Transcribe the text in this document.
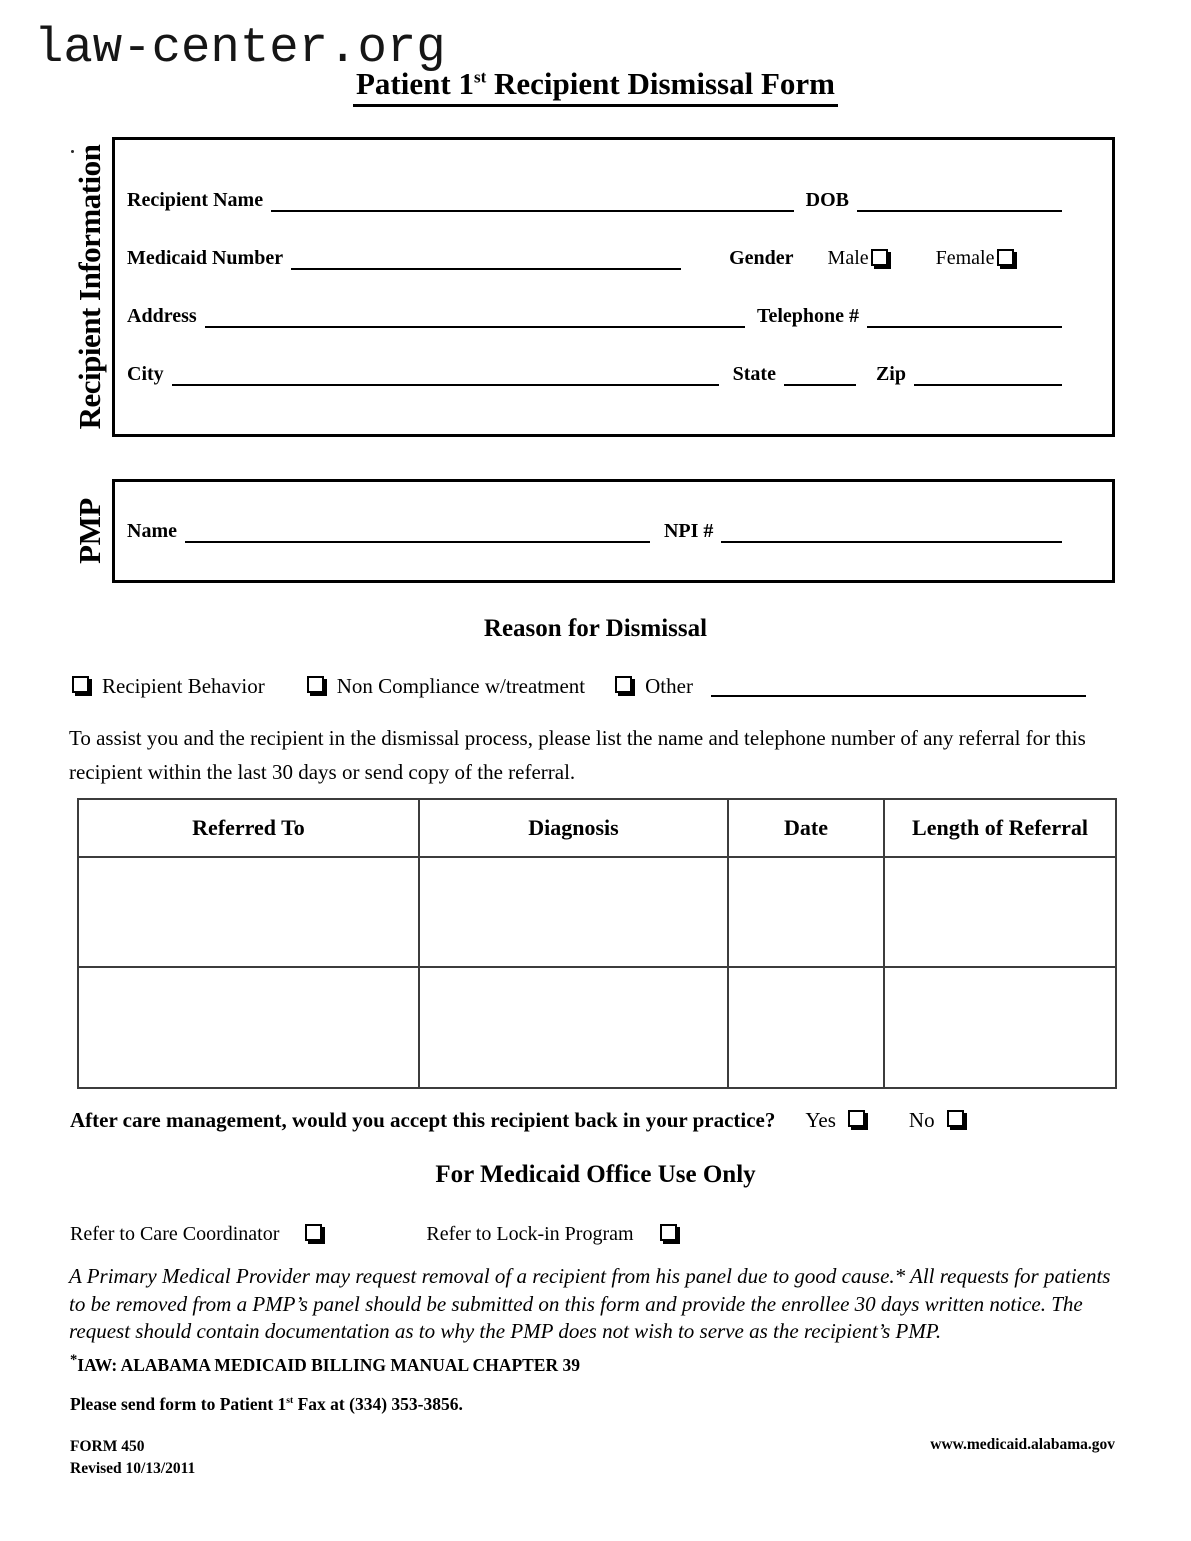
law-center.org
Patient 1st Recipient Dismissal Form
Recipient Information Recipient Name	DOB
Medicaid Number	Gender Male	Female
Address	Telephone #
City	State	Zip
PMP Name	NPI #
Reason for Dismissal
Recipient Behavior	Non Compliance w/treatment	Other

To assist you and the recipient in the dismissal process, please list the name and telephone number of any referral for this recipient within the last 30 days or send copy of the referral.

Referred To	Diagnosis	Date	Length of Referral

After care management, would you accept this recipient back in your practice? Yes	No
For Medicaid Office Use Only
Refer to Care Coordinator	Refer to Lock-in Program

A Primary Medical Provider may request removal of a recipient from his panel due to good cause.* All requests for patients to be removed from a PMP’s panel should be submitted on this form and provide the enrollee 30 days written notice. The request should contain documentation as to why the PMP does not wish to serve as the recipient’s PMP.

*IAW: ALABAMA MEDICAID BILLING MANUAL CHAPTER 39

Please send form to Patient 1st Fax at (334) 353-3856.

FORM 450
Revised 10/13/2011
www.medicaid.alabama.gov
